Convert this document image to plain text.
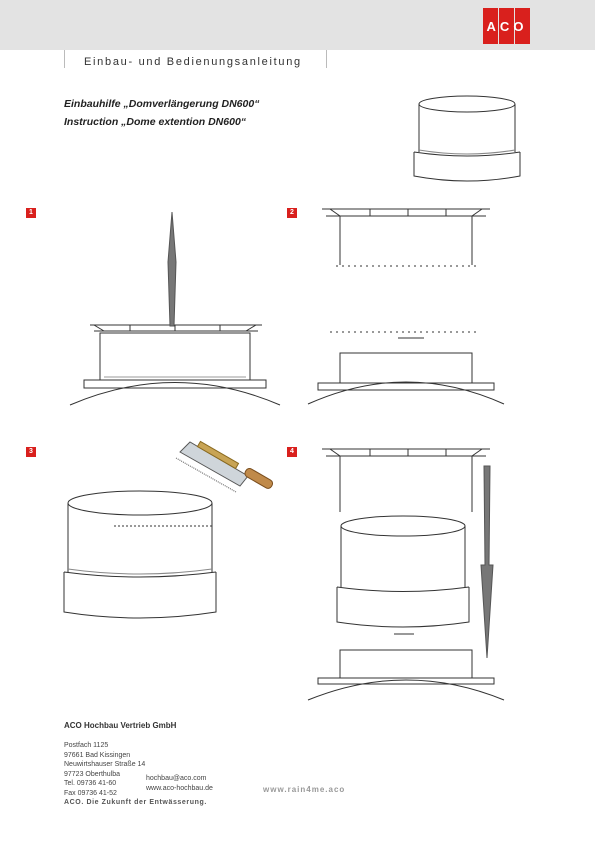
ACO
Einbau- und Bedienungsanleitung
Einbauhilfe „Domverlängerung DN600“
Instruction „Dome extention DN600“
1	2
3	4
ACO Hochbau Vertrieb GmbH
Postfach 1125
97661 Bad Kissingen
Neuwirtshauser Straße 14
97723 Oberthulba
Tel. 09736 41-60
Fax 09736 41-52
hochbau@aco.com
www.aco-hochbau.de	www.rain4me.aco
ACO. Die Zukunft der Entwässerung.
